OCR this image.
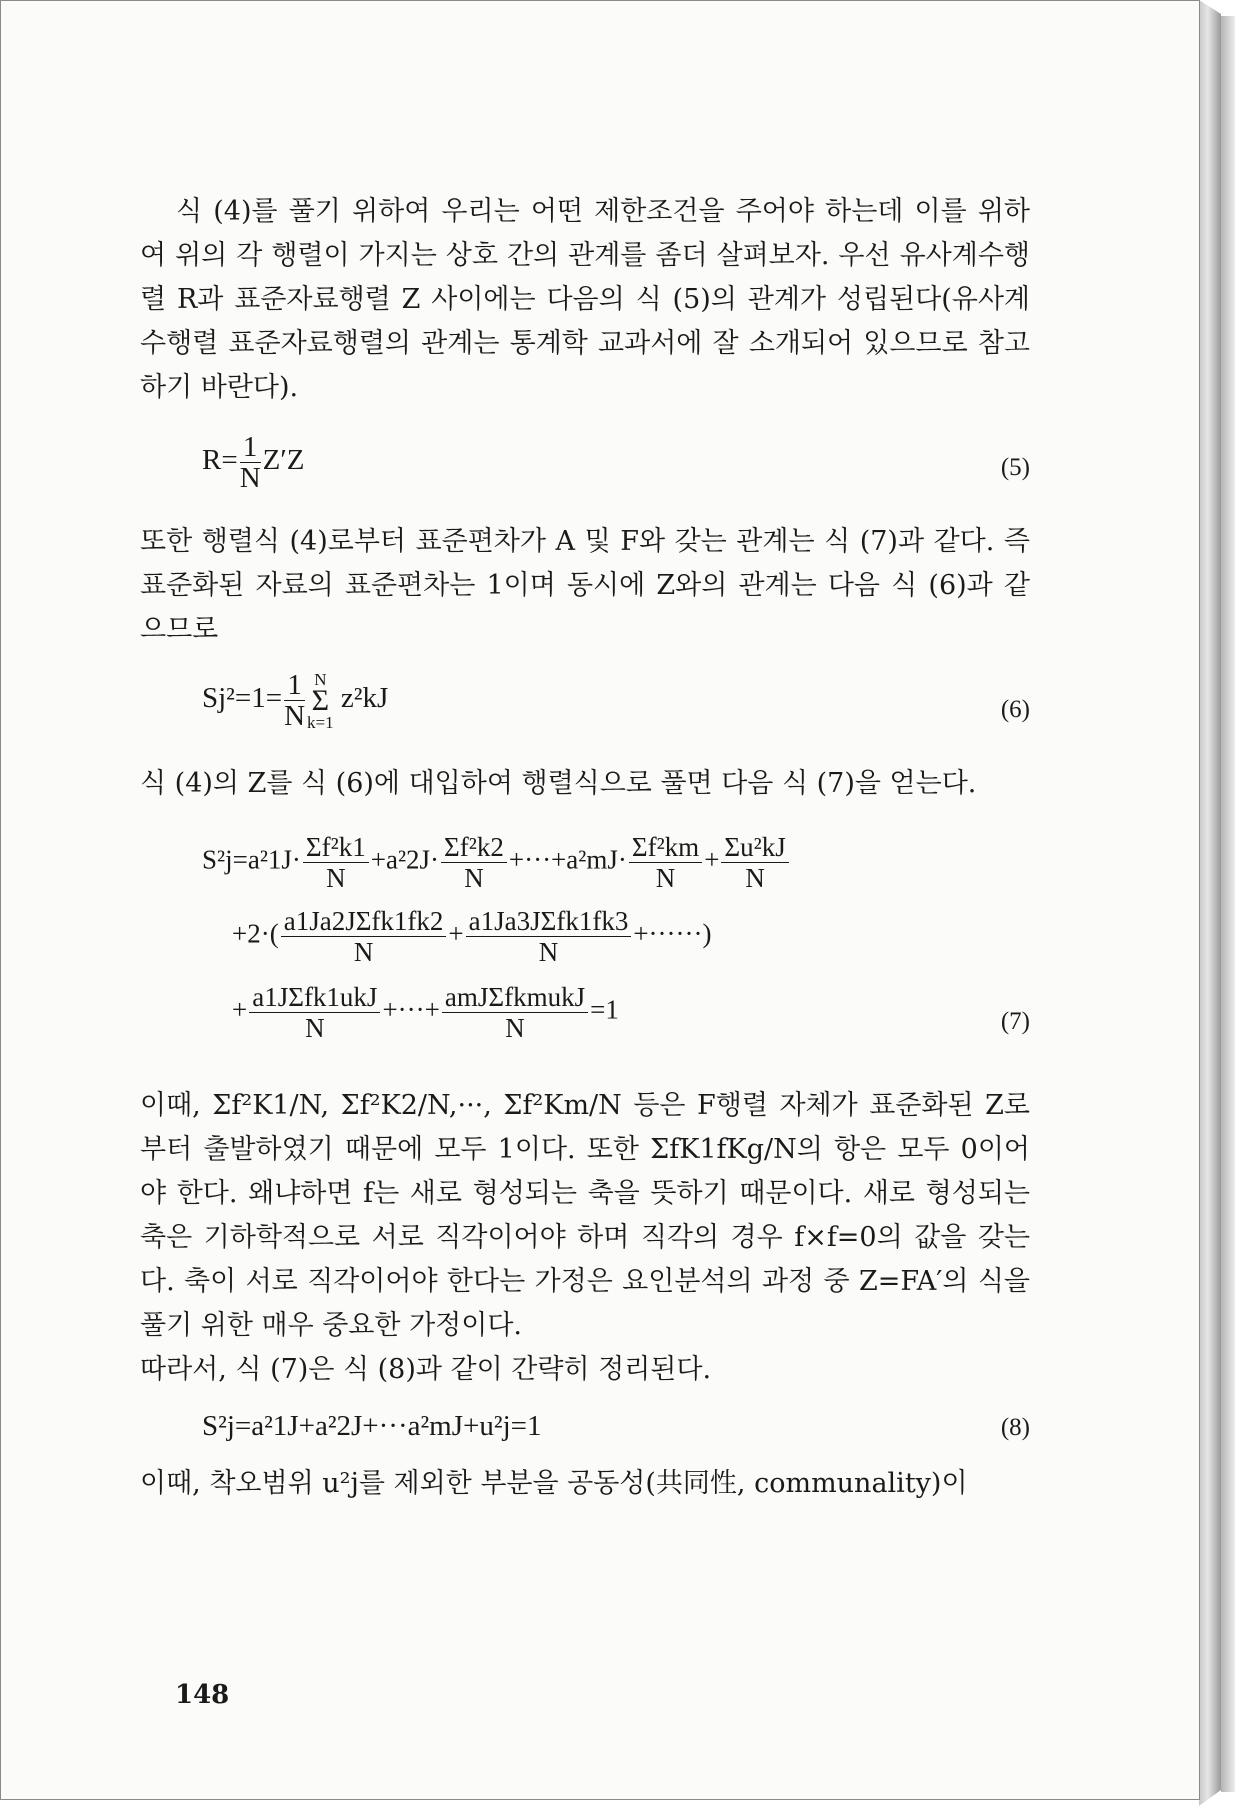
식 (4)를 풀기 위하여 우리는 어떤 제한조건을 주어야 하는데 이를 위하여 위의 각 행렬이 가지는 상호 간의 관계를 좀더 살펴보자. 우선 유사계수행렬 R과 표준자료행렬 Z 사이에는 다음의 식 (5)의 관계가 성립된다(유사계수행렬 표준자료행렬의 관계는 통계학 교과서에 잘 소개되어 있으므로 참고하기 바란다).

$R= \frac{1}{N} Z'Z$	(5)

또한 행렬식 (4)로부터 표준편차가 A 및 F와 갖는 관계는 식 (7)과 같다. 즉 표준화된 자료의 표준편차는 1이며 동시에 Z와의 관계는 다음 식 (6)과 같으므로

$Sj^2=1= \frac{1}{N}$ N
Σ
k=1 z²kJ	(6)

식 (4)의 Z를 식 (6)에 대입하여 행렬식으로 풀면 다음 식 (7)을 얻는다.

$S^2j=a^21J\cdot \frac{\text{Σf²k1}}{N} +a^22J\cdot \frac{\text{Σf²k2}}{N} +\cdot\cdot\cdot+a^2mJ\cdot \frac{\text{Σf²km}}{N} + \frac{\text{Σu²kJ}}{N}$
$+2\cdot( \frac{\text{a1Ja2JΣfk1fk2}}{N} + \frac{\text{a1Ja3JΣfk1fk3}}{N}$ +······)
+ $\frac{\text{a1JΣfk1ukJ}}{N}$ +···+ $\frac{\text{amJΣfkmukJ}}{N} =1$	(7)

이때, Σf²K1/N, Σf²K2/N,···, Σf²Km/N 등은 F행렬 자체가 표준화된 Z로부터 출발하였기 때문에 모두 1이다. 또한 ΣfK1fKg/N의 항은 모두 0이어야 한다. 왜냐하면 f는 새로 형성되는 축을 뜻하기 때문이다. 새로 형성되는 축은 기하학적으로 서로 직각이어야 하며 직각의 경우 f×f=0의 값을 갖는다. 축이 서로 직각이어야 한다는 가정은 요인분석의 과정 중 Z=FA′의 식을 풀기 위한 매우 중요한 가정이다.

따라서, 식 (7)은 식 (8)과 같이 간략히 정리된다.

S²j=a²1J+a²2J+···a²mJ+u²j=1	(8)

이때, 착오범위 u²j를 제외한 부분을 공동성(共同性, communality)이

148
